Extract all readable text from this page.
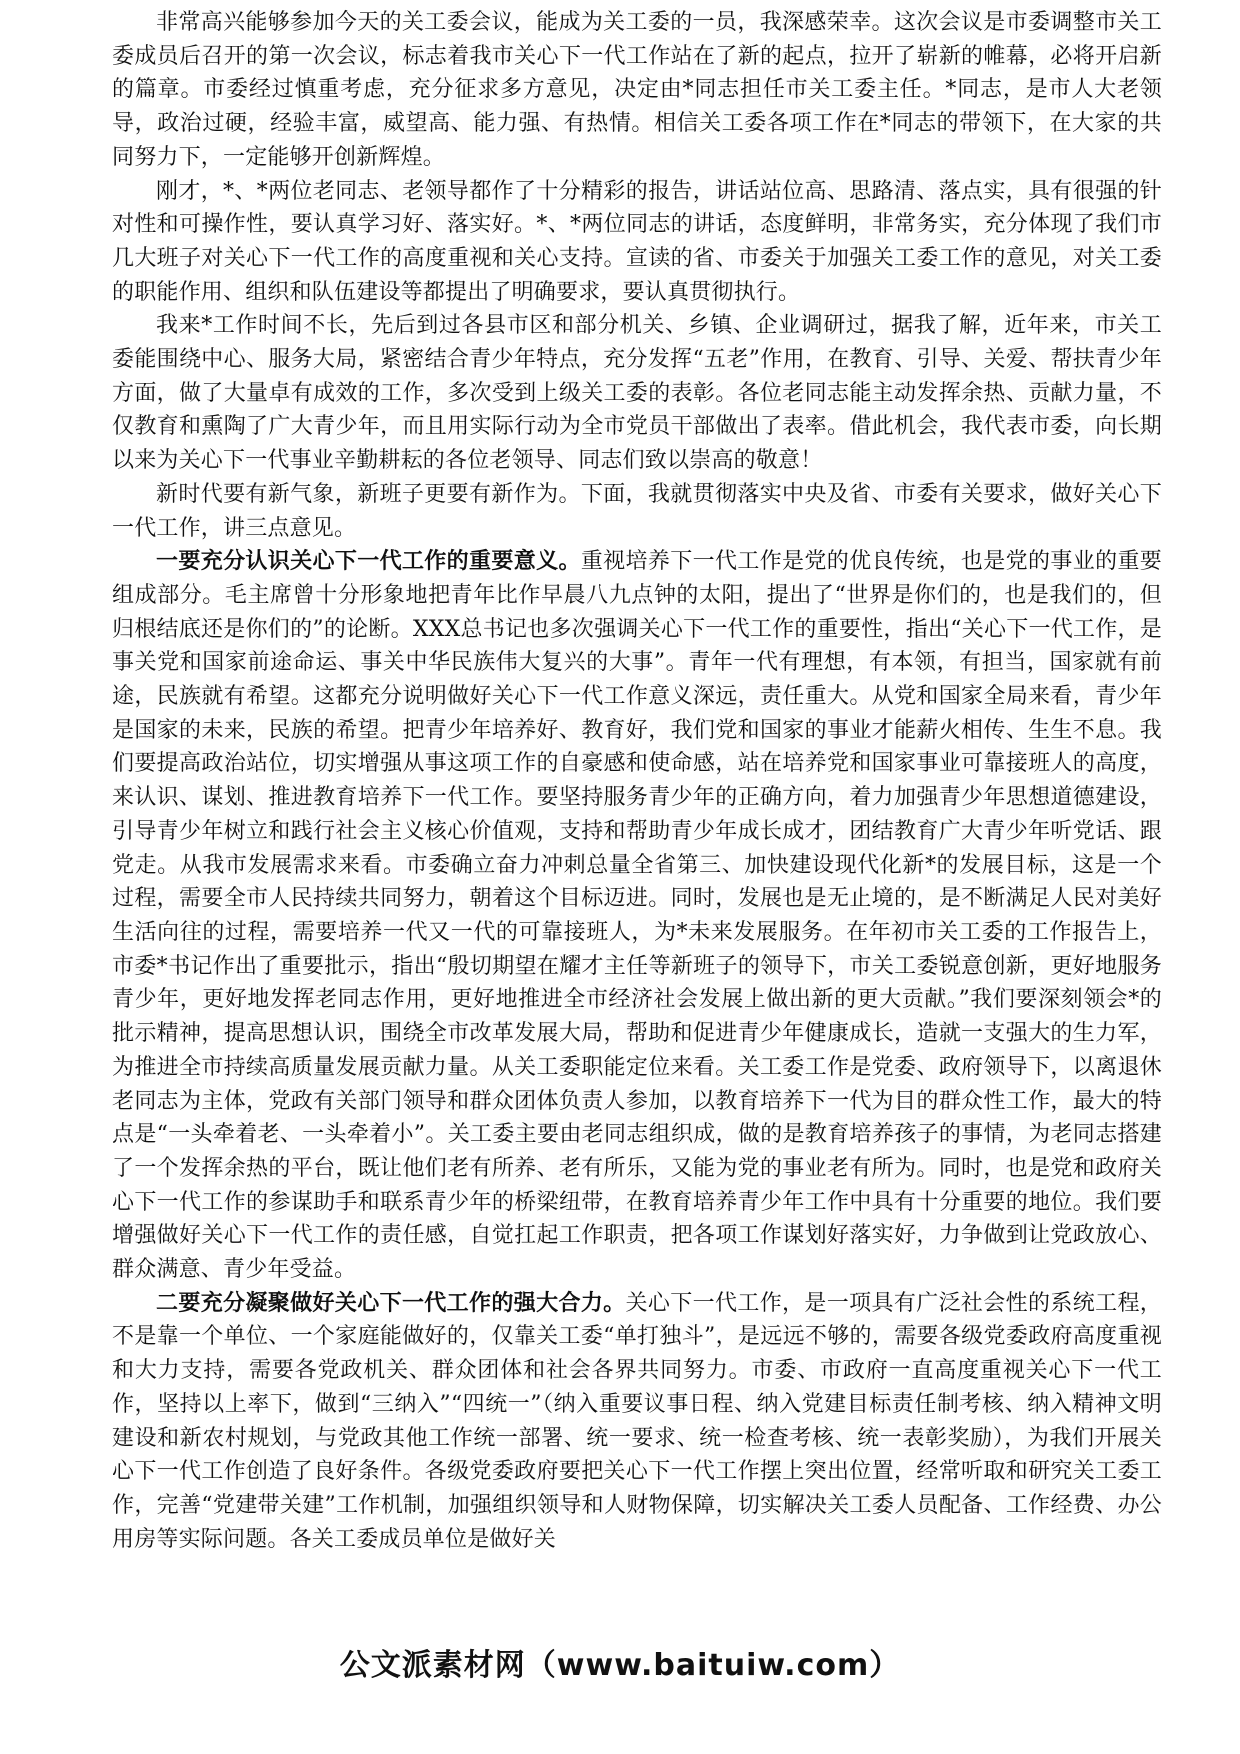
非常高兴能够参加今天的关工委会议，能成为关工委的一员，我深感荣幸。这次会议是市委调整市关工委成员后召开的第一次会议，标志着我市关心下一代工作站在了新的起点，拉开了崭新的帷幕，必将开启新的篇章。市委经过慎重考虑，充分征求多方意见，决定由*同志担任市关工委主任。*同志，是市人大老领导，政治过硬，经验丰富，威望高、能力强、有热情。相信关工委各项工作在*同志的带领下，在大家的共同努力下，一定能够开创新辉煌。

刚才，*、*两位老同志、老领导都作了十分精彩的报告，讲话站位高、思路清、落点实，具有很强的针对性和可操作性，要认真学习好、落实好。*、*两位同志的讲话，态度鲜明，非常务实，充分体现了我们市几大班子对关心下一代工作的高度重视和关心支持。宣读的省、市委关于加强关工委工作的意见，对关工委的职能作用、组织和队伍建设等都提出了明确要求，要认真贯彻执行。

我来*工作时间不长，先后到过各县市区和部分机关、乡镇、企业调研过，据我了解，近年来，市关工委能围绕中心、服务大局，紧密结合青少年特点，充分发挥“五老”作用，在教育、引导、关爱、帮扶青少年方面，做了大量卓有成效的工作，多次受到上级关工委的表彰。各位老同志能主动发挥余热、贡献力量，不仅教育和熏陶了广大青少年，而且用实际行动为全市党员干部做出了表率。借此机会，我代表市委，向长期以来为关心下一代事业辛勤耕耘的各位老领导、同志们致以崇高的敬意！

新时代要有新气象，新班子更要有新作为。下面，我就贯彻落实中央及省、市委有关要求，做好关心下一代工作，讲三点意见。

一要充分认识关心下一代工作的重要意义。重视培养下一代工作是党的优良传统，也是党的事业的重要组成部分。毛主席曾十分形象地把青年比作早晨八九点钟的太阳，提出了“世界是你们的，也是我们的，但归根结底还是你们的”的论断。XXX总书记也多次强调关心下一代工作的重要性，指出“关心下一代工作，是事关党和国家前途命运、事关中华民族伟大复兴的大事”。青年一代有理想，有本领，有担当，国家就有前途，民族就有希望。这都充分说明做好关心下一代工作意义深远，责任重大。从党和国家全局来看，青少年是国家的未来，民族的希望。把青少年培养好、教育好，我们党和国家的事业才能薪火相传、生生不息。我们要提高政治站位，切实增强从事这项工作的自豪感和使命感，站在培养党和国家事业可靠接班人的高度，来认识、谋划、推进教育培养下一代工作。要坚持服务青少年的正确方向，着力加强青少年思想道德建设，引导青少年树立和践行社会主义核心价值观，支持和帮助青少年成长成才，团结教育广大青少年听党话、跟党走。从我市发展需求来看。市委确立奋力冲刺总量全省第三、加快建设现代化新*的发展目标，这是一个过程，需要全市人民持续共同努力，朝着这个目标迈进。同时，发展也是无止境的，是不断满足人民对美好生活向往的过程，需要培养一代又一代的可靠接班人，为*未来发展服务。在年初市关工委的工作报告上，市委*书记作出了重要批示，指出“殷切期望在耀才主任等新班子的领导下，市关工委锐意创新，更好地服务青少年，更好地发挥老同志作用，更好地推进全市经济社会发展上做出新的更大贡献。”我们要深刻领会*的批示精神，提高思想认识，围绕全市改革发展大局，帮助和促进青少年健康成长，造就一支强大的生力军，为推进全市持续高质量发展贡献力量。从关工委职能定位来看。关工委工作是党委、政府领导下，以离退休老同志为主体，党政有关部门领导和群众团体负责人参加，以教育培养下一代为目的群众性工作，最大的特点是“一头牵着老、一头牵着小”。关工委主要由老同志组织成，做的是教育培养孩子的事情，为老同志搭建了一个发挥余热的平台，既让他们老有所养、老有所乐，又能为党的事业老有所为。同时，也是党和政府关心下一代工作的参谋助手和联系青少年的桥梁纽带，在教育培养青少年工作中具有十分重要的地位。我们要增强做好关心下一代工作的责任感，自觉扛起工作职责，把各项工作谋划好落实好，力争做到让党政放心、群众满意、青少年受益。

二要充分凝聚做好关心下一代工作的强大合力。关心下一代工作，是一项具有广泛社会性的系统工程，不是靠一个单位、一个家庭能做好的，仅靠关工委“单打独斗”，是远远不够的，需要各级党委政府高度重视和大力支持，需要各党政机关、群众团体和社会各界共同努力。市委、市政府一直高度重视关心下一代工作，坚持以上率下，做到“三纳入”“四统一”（纳入重要议事日程、纳入党建目标责任制考核、纳入精神文明建设和新农村规划，与党政其他工作统一部署、统一要求、统一检查考核、统一表彰奖励），为我们开展关心下一代工作创造了良好条件。各级党委政府要把关心下一代工作摆上突出位置，经常听取和研究关工委工作，完善“党建带关建”工作机制，加强组织领导和人财物保障，切实解决关工委人员配备、工作经费、办公用房等实际问题。各关工委成员单位是做好关

公文派素材网（www.baituiw.com）
